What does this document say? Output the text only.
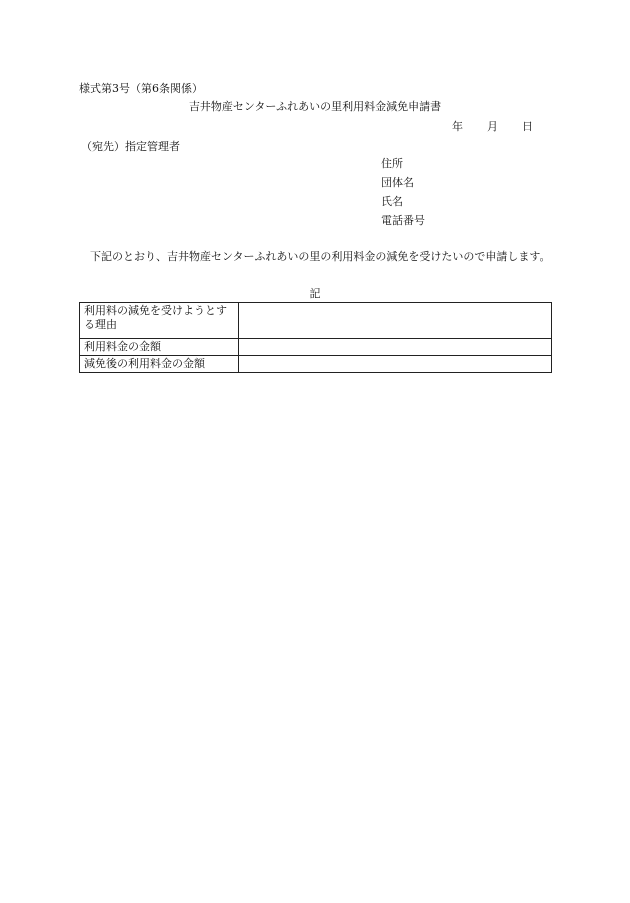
様式第3号（第6条関係）
吉井物産センターふれあいの里利用料金減免申請書
年 月 日
（宛先）指定管理者
住所
団体名
氏名
電話番号
　下記のとおり、吉井物産センターふれあいの里の利用料金の減免を受けたいので申請します。
記
利用料の減免を受けようとする理由	
利用料金の金額	
減免後の利用料金の金額	
